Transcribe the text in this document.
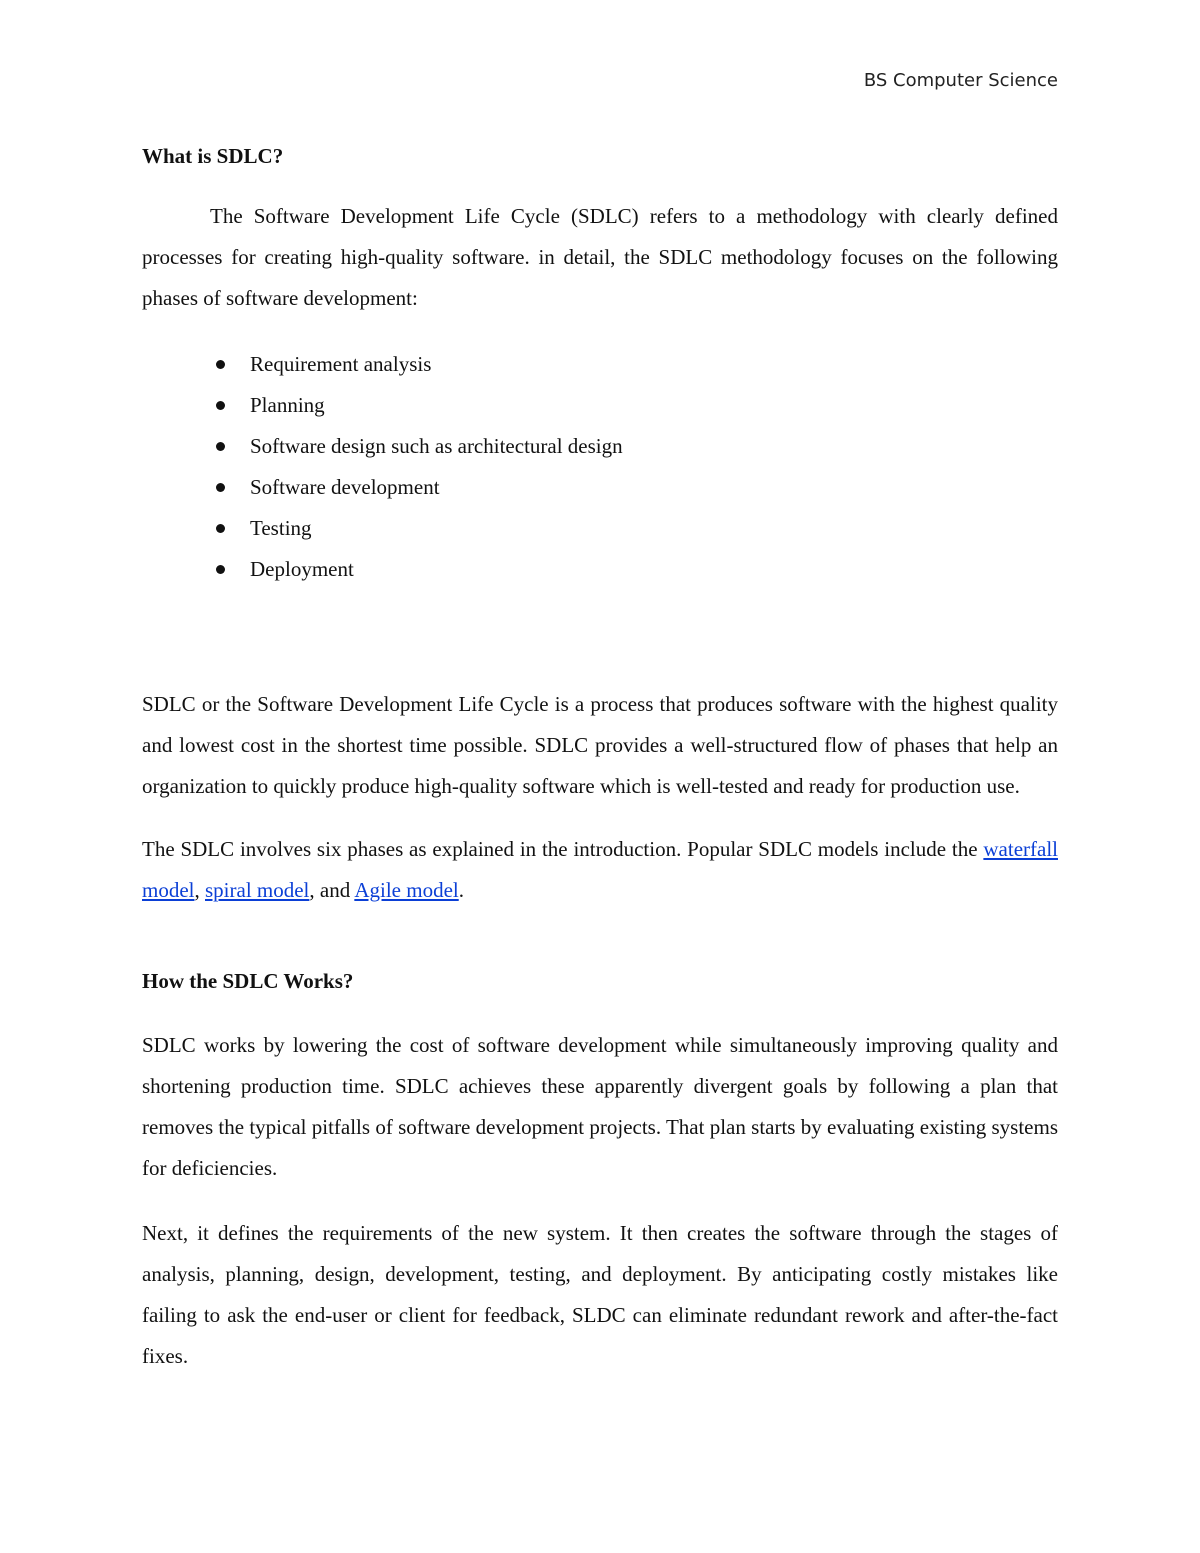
BS Computer Science
What is SDLC?

The Software Development Life Cycle (SDLC) refers to a methodology with clearly defined processes for creating high-quality software. in detail, the SDLC methodology focuses on the following phases of software development:

Requirement analysis
Planning
Software design such as architectural design
Software development
Testing
Deployment

SDLC or the Software Development Life Cycle is a process that produces software with the highest quality and lowest cost in the shortest time possible. SDLC provides a well-structured flow of phases that help an organization to quickly produce high-quality software which is well-tested and ready for production use.

The SDLC involves six phases as explained in the introduction. Popular SDLC models include the waterfall model, spiral model, and Agile model.

How the SDLC Works?

SDLC works by lowering the cost of software development while simultaneously improving quality and shortening production time. SDLC achieves these apparently divergent goals by following a plan that removes the typical pitfalls of software development projects. That plan starts by evaluating existing systems for deficiencies.

Next, it defines the requirements of the new system. It then creates the software through the stages of analysis, planning, design, development, testing, and deployment. By anticipating costly mistakes like failing to ask the end-user or client for feedback, SLDC can eliminate redundant rework and after-the-fact fixes.
